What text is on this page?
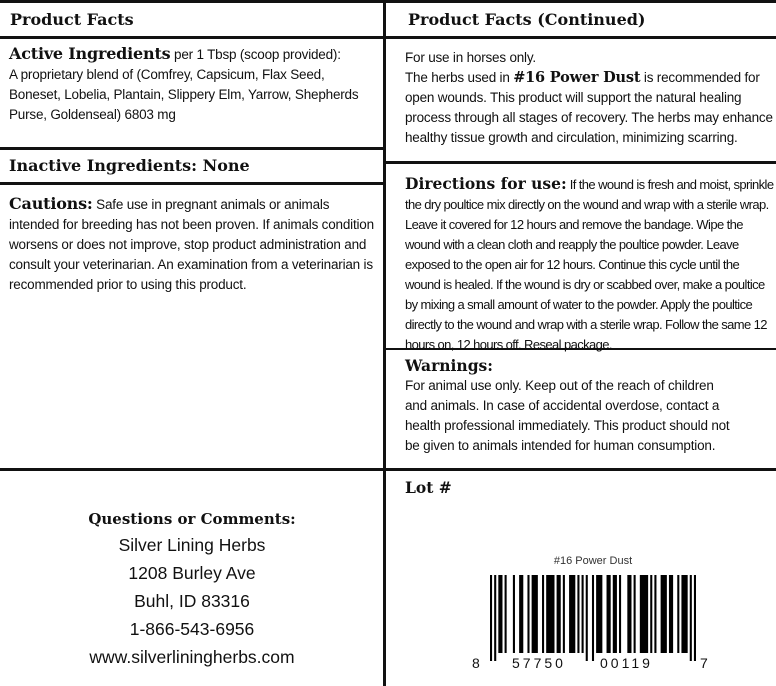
Product Facts
Active Ingredients per 1 Tbsp (scoop provided):
A proprietary blend of (Comfrey, Capsicum, Flax Seed, Boneset, Lobelia, Plantain, Slippery Elm, Yarrow, Shepherds Purse, Goldenseal) 6803 mg
Inactive Ingredients: None
Cautions: Safe use in pregnant animals or animals intended for breeding has not been proven. If animals condition worsens or does not improve, stop product administration and consult your veterinarian. An examination from a veterinarian is recommended prior to using this product.
Questions or Comments:
Silver Lining Herbs
1208 Burley Ave
Buhl, ID 83316
1-866-543-6956
www.silverliningherbs.com
Product Facts (Continued)
For use in horses only.
The herbs used in #16 Power Dust is recommended for open wounds. This product will support the natural healing process through all stages of recovery. The herbs may enhance healthy tissue growth and circulation, minimizing scarring.
Directions for use: If the wound is fresh and moist, sprinkle the dry poultice mix directly on the wound and wrap with a sterile wrap. Leave it covered for 12 hours and remove the bandage. Wipe the wound with a clean cloth and reapply the poultice powder. Leave exposed to the open air for 12 hours. Continue this cycle until the wound is healed. If the wound is dry or scabbed over, make a poultice by mixing a small amount of water to the powder. Apply the poultice directly to the wound and wrap with a sterile wrap. Follow the same 12 hours on, 12 hours off. Reseal package.
Warnings:
For animal use only. Keep out of the reach of children and animals. In case of accidental overdose, contact a health professional immediately. This product should not be given to animals intended for human consumption.
Lot #
#16 Power Dust
8 57750 00119	7
